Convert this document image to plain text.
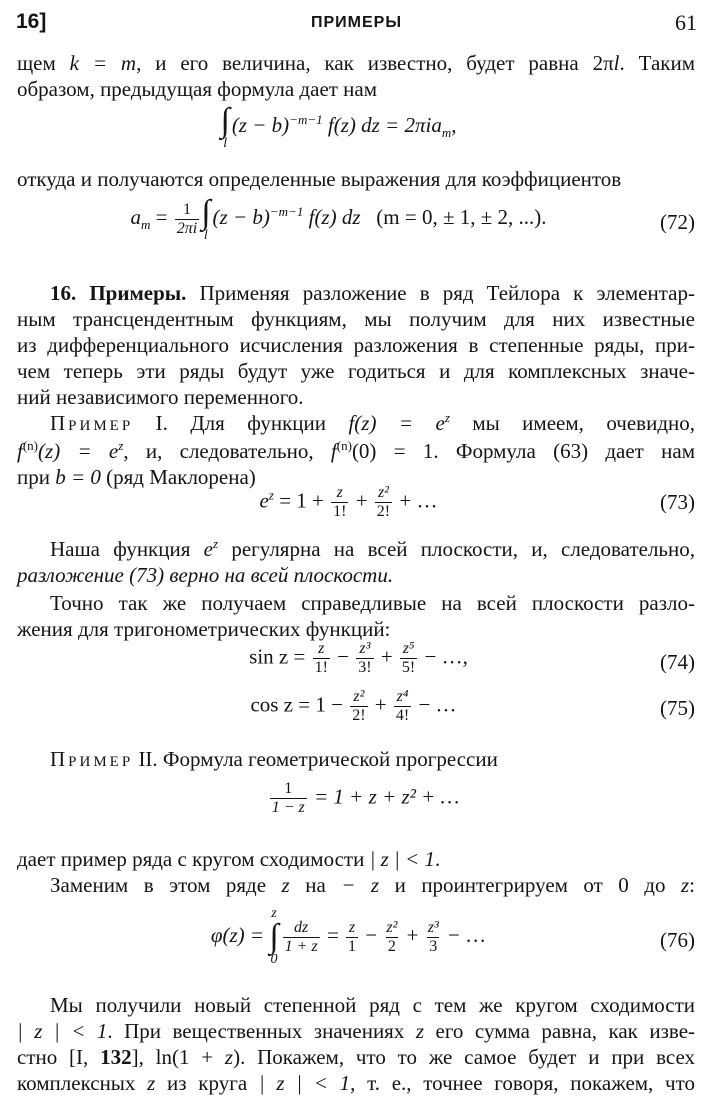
16]	ПРИМЕРЫ	61
щем k = m, и его величина, как известно, будет равна 2πl. Таким
образом, предыдущая формула дает нам
∫
l
$(z - b)^{-m-1}$ f(z) dz = 2πia$_m$,
откуда и получаются определенные выражения для коэффициентов
$a_m = \frac{1}{2\pi i}$ ∫
l
$(z - b)^{-m-1}$ f(z) dz (m = 0, ± 1, ± 2, ...).	(72)
16. Примеры. Применяя разложение в ряд Тейлора к элементар-
ным трансцендентным функциям, мы получим для них известные
из дифференциального исчисления разложения в степенные ряды, при-
чем теперь эти ряды будут уже годиться и для комплексных значе-
ний независимого переменного.
Пример I. Для функции $f(z) = e^z$ мы имеем, очевидно,
$f^{(n)}(z) = e^z$, и, следовательно, $f^{(n)}(0) = 1$. Формула (63) дает нам
при b = 0 (ряд Маклорена)
$e^z = 1 + \frac{z}{1!} + \frac{\text{z²}}{2!}$ + …	(73)
Наша функция $e^z$ регулярна на всей плоскости, и, следовательно,
разложение (73) верно на всей плоскости.
Точно так же получаем справедливые на всей плоскости разло-
жения для тригонометрических функций:
$\sin z = \frac{z}{1!} - \frac{\text{z³}}{3!} + \frac{\text{z⁵}}{5!}$ − …,	(74)
$\cos z = 1 - \frac{\text{z²}}{2!} + \frac{\text{z⁴}}{4!}$ − …	(75)
Пример II. Формула геометрической прогрессии
$\frac{1}{1 - z} = 1 + z + z^2$ + …
дает пример ряда с кругом сходимости | z | < 1.
Заменим в этом ряде z на − z и проинтегрируем от 0 до z:
φ(z) =
z
∫
0
$\frac{dz}{1 + z} = \frac{z}{1} - \frac{\text{z²}}{2} + \frac{\text{z³}}{3}$ − …	(76)
Мы получили новый степенной ряд с тем же кругом сходимости
| z | < 1. При вещественных значениях z его сумма равна, как изве-
стно [I, 132], ln(1 + z). Покажем, что то же самое будет и при всех
комплексных z из круга | z | < 1, т. е., точнее говоря, покажем, что
